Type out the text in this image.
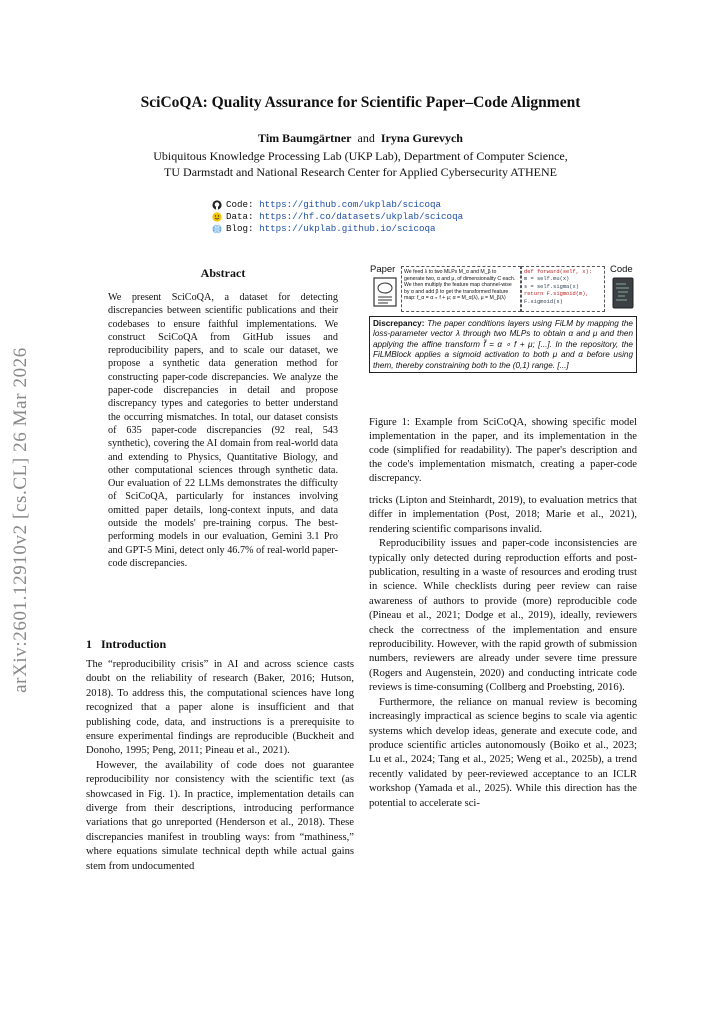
arXiv:2601.12910v2 [cs.CL] 26 Mar 2026
SciCoQA: Quality Assurance for Scientific Paper–Code Alignment
Tim Baumgärtner and Iryna Gurevych
Ubiquitous Knowledge Processing Lab (UKP Lab), Department of Computer Science,
TU Darmstadt and National Research Center for Applied Cybersecurity ATHENE
Code:
https://github.com/ukplab/scicoqa
Data:
https://hf.co/datasets/ukplab/scicoqa
Blog:
https://ukplab.github.io/scicoqa
Abstract
We present SciCoQA, a dataset for detecting discrepancies between scientific publications and their codebases to ensure faithful implementations. We construct SciCoQA from GitHub issues and reproducibility papers, and to scale our dataset, we propose a synthetic data generation method for constructing paper-code discrepancies. We analyze the paper-code discrepancies in detail and propose discrepancy types and categories to better understand the occurring mismatches. In total, our dataset consists of 635 paper-code discrepancies (92 real, 543 synthetic), covering the AI domain from real-world data and extending to Physics, Quantitative Biology, and other computational sciences through synthetic data. Our evaluation of 22 LLMs demonstrates the difficulty of SciCoQA, particularly for instances involving omitted paper details, long-context inputs, and data outside the models' pre-training corpus. The best-performing models in our evaluation, Gemini 3.1 Pro and GPT-5 Mini, detect only 46.7% of real-world paper-code discrepancies.
Paper	We feed λ to two MLPs M_α and M_β to generate two, α and μ, of dimensionality C each. We then multiply the feature map channel-wise by α and add β to get the transformed feature map: f_α = α ∘ f + μ; α = M_α(λ), μ = M_β(λ)
def forward(self, x):
m = self.mu(x)
s = self.sigma(x)
return F.sigmoid(m),
F.sigmoid(s)
Code
Discrepancy: The paper conditions layers using FiLM by mapping the loss-parameter vector λ through two MLPs to obtain α and μ and then applying the affine transform f̃ = α ∘ f + μ; [...]. In the repository, the FiLMBlock applies a sigmoid activation to both μ and α before using them, thereby constraining both to the (0,1) range. [...]
Figure 1: Example from SciCoQA, showing specific model implementation in the paper, and its implementation in the code (simplified for readability). The paper's description and the code's implementation mismatch, creating a paper-code discrepancy.
1 Introduction

The “reproducibility crisis” in AI and across science casts doubt on the reliability of research (Baker, 2016; Hutson, 2018). To address this, the computational sciences have long recognized that a paper alone is insufficient and that publishing code, data, and instructions is a prerequisite to ensure experimental findings are reproducible (Buckheit and Donoho, 1995; Peng, 2011; Pineau et al., 2021).

However, the availability of code does not guarantee reproducibility nor consistency with the scientific text (as showcased in Fig. 1). In practice, implementation details can diverge from their descriptions, introducing performance variations that go unreported (Henderson et al., 2018). These discrepancies manifest in troubling ways: from “mathiness,” where equations simulate technical depth while actual gains stem from undocumented

tricks (Lipton and Steinhardt, 2019), to evaluation metrics that differ in implementation (Post, 2018; Marie et al., 2021), rendering scientific comparisons invalid.

Reproducibility issues and paper-code inconsistencies are typically only detected during reproduction efforts and post-publication, resulting in a waste of resources and eroding trust in science. While checklists during peer review can raise awareness of authors to provide (more) reproducible code (Pineau et al., 2021; Dodge et al., 2019), ideally, reviewers check the correctness of the implementation and ensure reproducibility. However, with the rapid growth of submission numbers, reviewers are already under severe time pressure (Rogers and Augenstein, 2020) and conducting intricate code reviews is time-consuming (Collberg and Proebsting, 2016).

Furthermore, the reliance on manual review is becoming increasingly impractical as science begins to scale via agentic systems which develop ideas, generate and execute code, and produce scientific articles autonomously (Boiko et al., 2023; Lu et al., 2024; Tang et al., 2025; Weng et al., 2025b), a trend recently validated by peer-reviewed acceptance to an ICLR workshop (Yamada et al., 2025). While this direction has the potential to accelerate sci-
